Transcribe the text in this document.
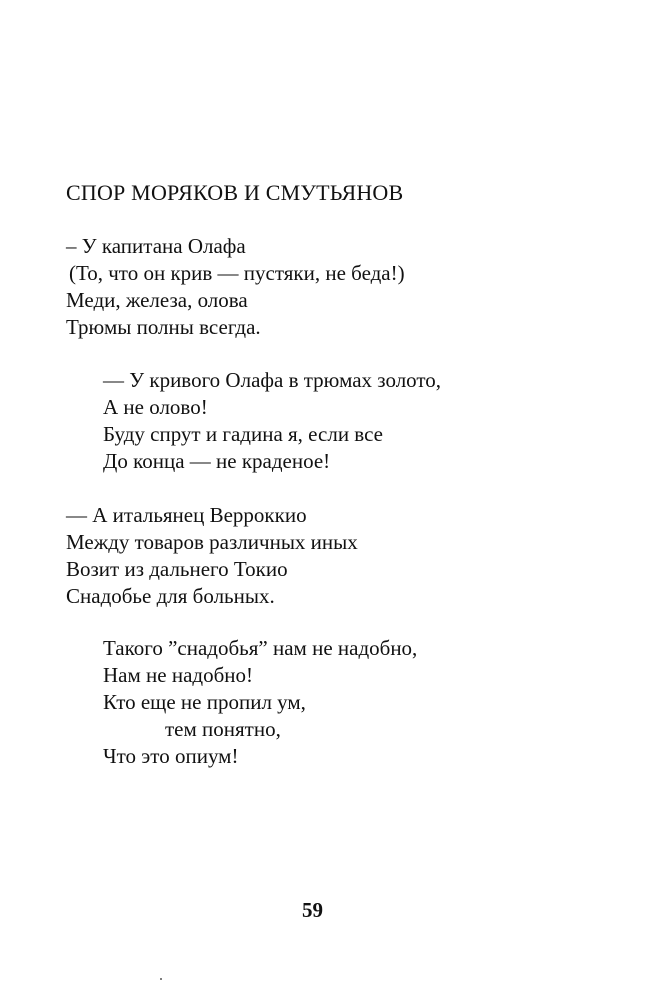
СПОР МОРЯКОВ И СМУТЬЯНОВ
– У капитана Олафа
(То, что он крив — пустяки, не беда!)
Меди, железа, олова
Трюмы полны всегда.
— У кривого Олафа в трюмах золото,
А не олово!
Буду спрут и гадина я, если все
До конца — не краденое!
— А итальянец Верроккио
Между товаров различных иных
Возит из дальнего Токио
Снадобье для больных.
Такого ”снадобья” нам не надобно,
Нам не надобно!
Кто еще не пропил ум,
тем понятно,
Что это опиум!
59
